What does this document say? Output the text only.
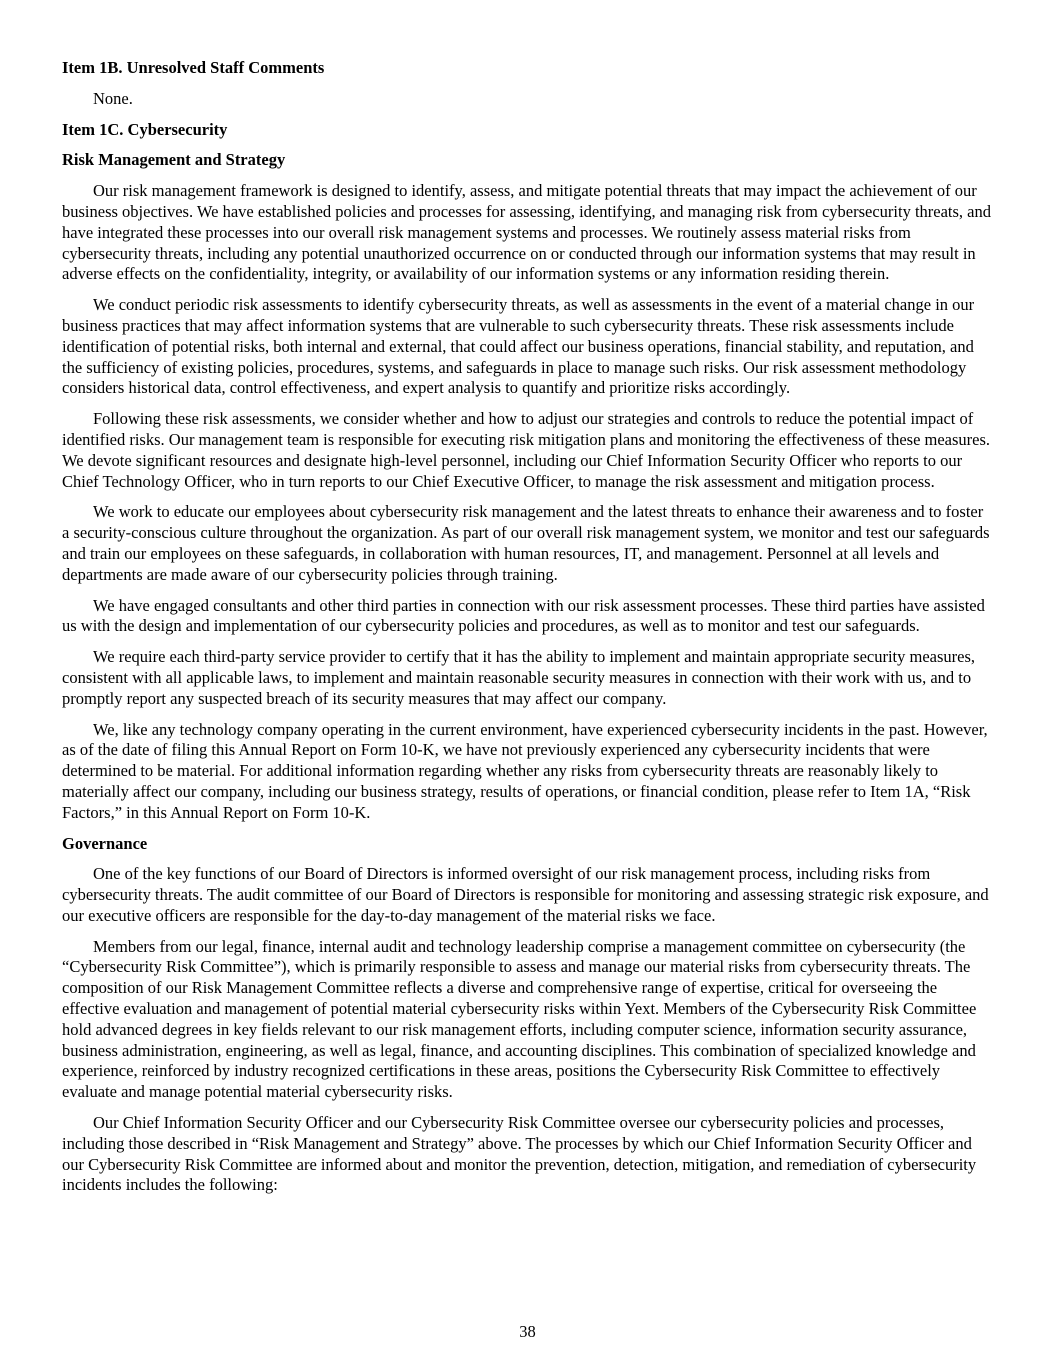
Item 1B. Unresolved Staff Comments
None.
Item 1C. Cybersecurity
Risk Management and Strategy
Our risk management framework is designed to identify, assess, and mitigate potential threats that may impact the achievement of our business objectives. We have established policies and processes for assessing, identifying, and managing risk from cybersecurity threats, and have integrated these processes into our overall risk management systems and processes. We routinely assess material risks from cybersecurity threats, including any potential unauthorized occurrence on or conducted through our information systems that may result in adverse effects on the confidentiality, integrity, or availability of our information systems or any information residing therein.
We conduct periodic risk assessments to identify cybersecurity threats, as well as assessments in the event of a material change in our business practices that may affect information systems that are vulnerable to such cybersecurity threats. These risk assessments include identification of potential risks, both internal and external, that could affect our business operations, financial stability, and reputation, and the sufficiency of existing policies, procedures, systems, and safeguards in place to manage such risks. Our risk assessment methodology considers historical data, control effectiveness, and expert analysis to quantify and prioritize risks accordingly.
Following these risk assessments, we consider whether and how to adjust our strategies and controls to reduce the potential impact of identified risks. Our management team is responsible for executing risk mitigation plans and monitoring the effectiveness of these measures. We devote significant resources and designate high-level personnel, including our Chief Information Security Officer who reports to our Chief Technology Officer, who in turn reports to our Chief Executive Officer, to manage the risk assessment and mitigation process.
We work to educate our employees about cybersecurity risk management and the latest threats to enhance their awareness and to foster a security-conscious culture throughout the organization. As part of our overall risk management system, we monitor and test our safeguards and train our employees on these safeguards, in collaboration with human resources, IT, and management. Personnel at all levels and departments are made aware of our cybersecurity policies through training.
We have engaged consultants and other third parties in connection with our risk assessment processes. These third parties have assisted us with the design and implementation of our cybersecurity policies and procedures, as well as to monitor and test our safeguards.
We require each third-party service provider to certify that it has the ability to implement and maintain appropriate security measures, consistent with all applicable laws, to implement and maintain reasonable security measures in connection with their work with us, and to promptly report any suspected breach of its security measures that may affect our company.
We, like any technology company operating in the current environment, have experienced cybersecurity incidents in the past. However, as of the date of filing this Annual Report on Form 10-K, we have not previously experienced any cybersecurity incidents that were determined to be material. For additional information regarding whether any risks from cybersecurity threats are reasonably likely to materially affect our company, including our business strategy, results of operations, or financial condition, please refer to Item 1A, “Risk Factors,” in this Annual Report on Form 10-K.
Governance
One of the key functions of our Board of Directors is informed oversight of our risk management process, including risks from cybersecurity threats. The audit committee of our Board of Directors is responsible for monitoring and assessing strategic risk exposure, and our executive officers are responsible for the day-to-day management of the material risks we face.
Members from our legal, finance, internal audit and technology leadership comprise a management committee on cybersecurity (the “Cybersecurity Risk Committee”), which is primarily responsible to assess and manage our material risks from cybersecurity threats. The composition of our Risk Management Committee reflects a diverse and comprehensive range of expertise, critical for overseeing the effective evaluation and management of potential material cybersecurity risks within Yext. Members of the Cybersecurity Risk Committee hold advanced degrees in key fields relevant to our risk management efforts, including computer science, information security assurance, business administration, engineering, as well as legal, finance, and accounting disciplines. This combination of specialized knowledge and experience, reinforced by industry recognized certifications in these areas, positions the Cybersecurity Risk Committee to effectively evaluate and manage potential material cybersecurity risks.
Our Chief Information Security Officer and our Cybersecurity Risk Committee oversee our cybersecurity policies and processes, including those described in “Risk Management and Strategy” above. The processes by which our Chief Information Security Officer and our Cybersecurity Risk Committee are informed about and monitor the prevention, detection, mitigation, and remediation of cybersecurity incidents includes the following:
38
